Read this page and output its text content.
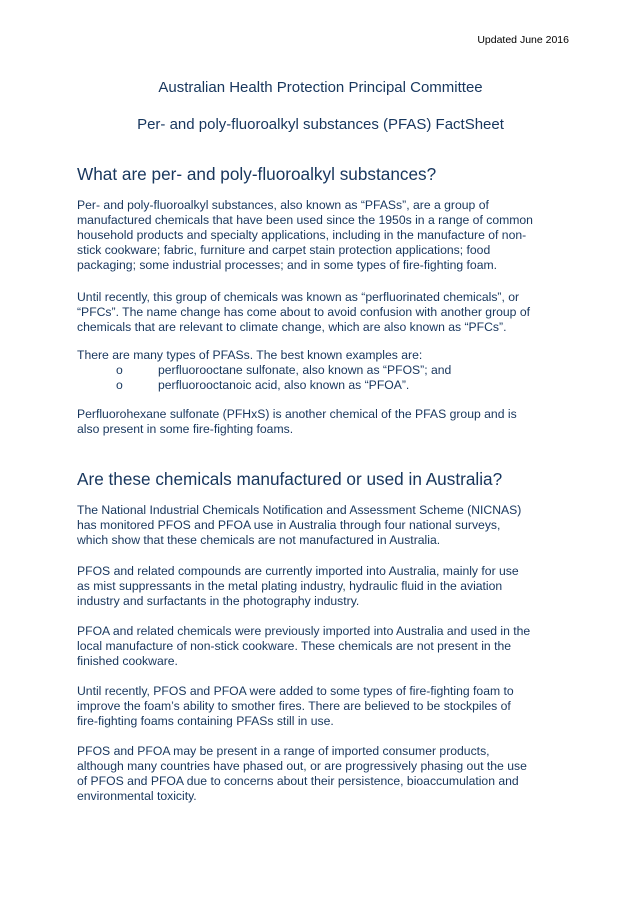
Updated June 2016
Australian Health Protection Principal Committee
Per- and poly-fluoroalkyl substances (PFAS) FactSheet
What are per- and poly-fluoroalkyl substances?
Per- and poly-fluoroalkyl substances, also known as “PFASs”, are a group of
manufactured chemicals that have been used since the 1950s in a range of common
household products and specialty applications, including in the manufacture of non-
stick cookware; fabric, furniture and carpet stain protection applications; food
packaging; some industrial processes; and in some types of fire-fighting foam.
Until recently, this group of chemicals was known as “perfluorinated chemicals”, or
“PFCs”. The name change has come about to avoid confusion with another group of
chemicals that are relevant to climate change, which are also known as “PFCs”.
There are many types of PFASs. The best known examples are:
o	perfluorooctane sulfonate, also known as “PFOS”; and
o	perfluorooctanoic acid, also known as “PFOA”.
Perfluorohexane sulfonate (PFHxS) is another chemical of the PFAS group and is
also present in some fire-fighting foams.
Are these chemicals manufactured or used in Australia?
The National Industrial Chemicals Notification and Assessment Scheme (NICNAS)
has monitored PFOS and PFOA use in Australia through four national surveys,
which show that these chemicals are not manufactured in Australia.
PFOS and related compounds are currently imported into Australia, mainly for use
as mist suppressants in the metal plating industry, hydraulic fluid in the aviation
industry and surfactants in the photography industry.
PFOA and related chemicals were previously imported into Australia and used in the
local manufacture of non-stick cookware. These chemicals are not present in the
finished cookware.
Until recently, PFOS and PFOA were added to some types of fire-fighting foam to
improve the foam’s ability to smother fires. There are believed to be stockpiles of
fire-fighting foams containing PFASs still in use.
PFOS and PFOA may be present in a range of imported consumer products,
although many countries have phased out, or are progressively phasing out the use
of PFOS and PFOA due to concerns about their persistence, bioaccumulation and
environmental toxicity.
